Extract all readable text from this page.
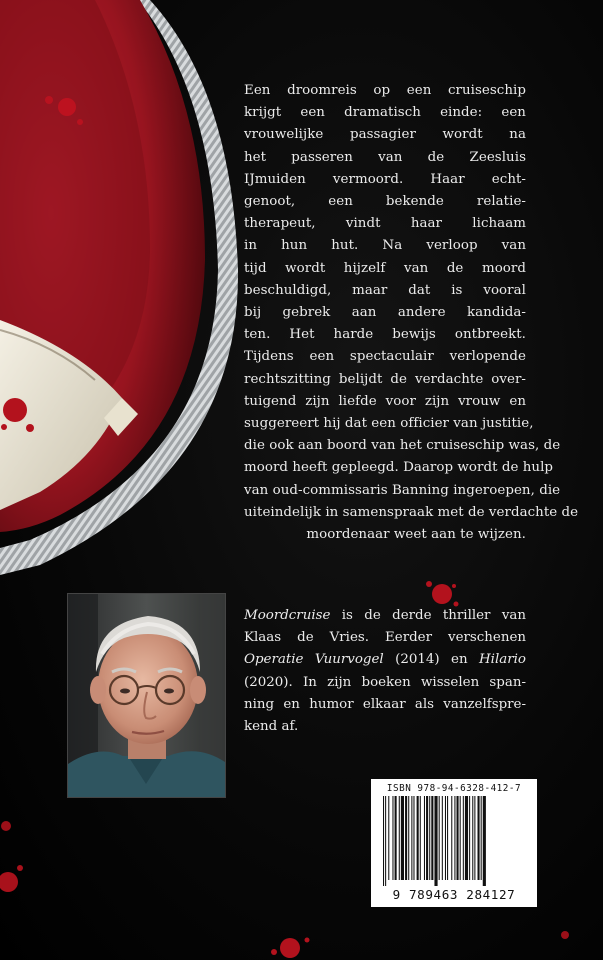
Een droomreis op een cruiseschip
krijgt een dramatisch einde: een
vrouwelijke passagier wordt na
het passeren van de Zeesluis
IJmuiden vermoord. Haar echt-
genoot, een bekende relatie-
therapeut, vindt haar lichaam
in hun hut. Na verloop van
tijd wordt hijzelf van de moord
beschuldigd, maar dat is vooral
bij gebrek aan andere kandida-
ten. Het harde bewijs ontbreekt.
Tijdens een spectaculair verlopende
rechtszitting belijdt de verdachte over-
tuigend zijn liefde voor zijn vrouw en
suggereert hij dat een officier van justitie,
die ook aan boord van het cruiseschip was, de
moord heeft gepleegd. Daarop wordt de hulp
van oud-commissaris Banning ingeroepen, die
uiteindelijk in samenspraak met de verdachte de
moordenaar weet aan te wijzen.
Moordcruise is de derde thriller van
Klaas de Vries. Eerder verschenen
Operatie Vuurvogel (2014) en Hilario
(2020). In zijn boeken wisselen span-
ning en humor elkaar als vanzelfspre-
kend af.
ISBN 978-94-6328-412-7
9 789463 284127
